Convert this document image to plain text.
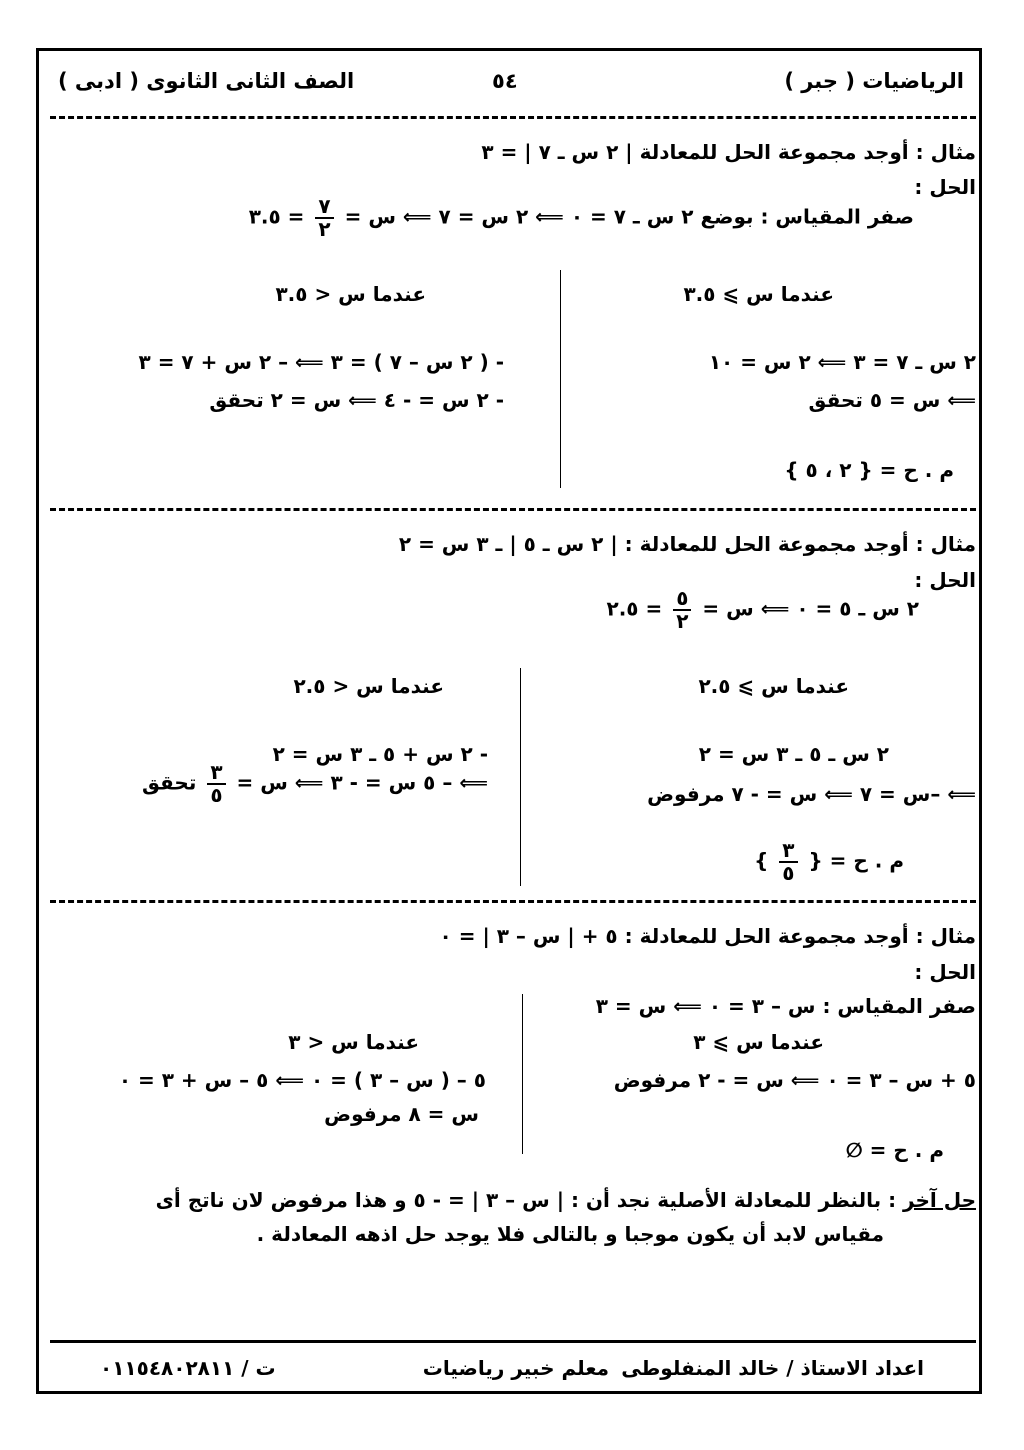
الرياضيات ( جبر )
٥٤
الصف الثانى الثانوى ( ادبى )
مثال : أوجد مجموعة الحل للمعادلة | ٢ س ـ ٧ | = ٣
الحل :
صفر المقياس : بوضع ٢ س ـ ٧ = ٠ ⟸ ٢ س = ٧ ⟸ س =
$\frac{٧}{٢}$
= ٣.٥
عندما س ⩾ ٣.٥
٢ س ـ ٧ = ٣ ⟸ ٢ س = ١٠
⟸ س = ٥ تحقق
م . ح = { ٢ ، ٥ }
عندما س < ٣.٥
- ( ٢ س – ٧ ) = ٣ ⟸ – ٢ س + ٧ = ٣
- ٢ س = - ٤ ⟸ س = ٢ تحقق
مثال : أوجد مجموعة الحل للمعادلة : | ٢ س ـ ٥ | ـ ٣ س = ٢
الحل :
٢ س ـ ٥ = ٠ ⟸ س =
$\frac{٥}{٢}$
= ٢.٥
عندما س ⩾ ٢.٥
٢ س ـ ٥ ـ ٣ س = ٢
⟸ –س = ٧ ⟸ س = - ٧ مرفوض
م . ح = {
$\frac{٣}{٥}$
}
عندما س < ٢.٥
- ٢ س + ٥ ـ ٣ س = ٢
⟸ – ٥ س = - ٣ ⟸ س =
$\frac{٣}{٥}$
تحقق
مثال : أوجد مجموعة الحل للمعادلة : ٥ + | س – ٣ | = ٠
الحل :
صفر المقياس : س – ٣ = ٠ ⟸ س = ٣
عندما س ⩾ ٣
٥ + س – ٣ = ٠ ⟸ س = - ٢ مرفوض
م . ح = ∅
عندما س < ٣
٥ – ( س – ٣ ) = ٠ ⟸ ٥ – س + ٣ = ٠
س = ٨ مرفوض
حل آخر : بالنظر للمعادلة الأصلية نجد أن : | س – ٣ | = - ٥ و هذا مرفوض لان ناتج أى
مقياس لابد أن يكون موجبا و بالتالى فلا يوجد حل اذهه المعادلة .
اعداد الاستاذ / خالد المنفلوطى
معلم خبير رياضيات
ت / ٠١١٥٤٨٠٢٨١١
